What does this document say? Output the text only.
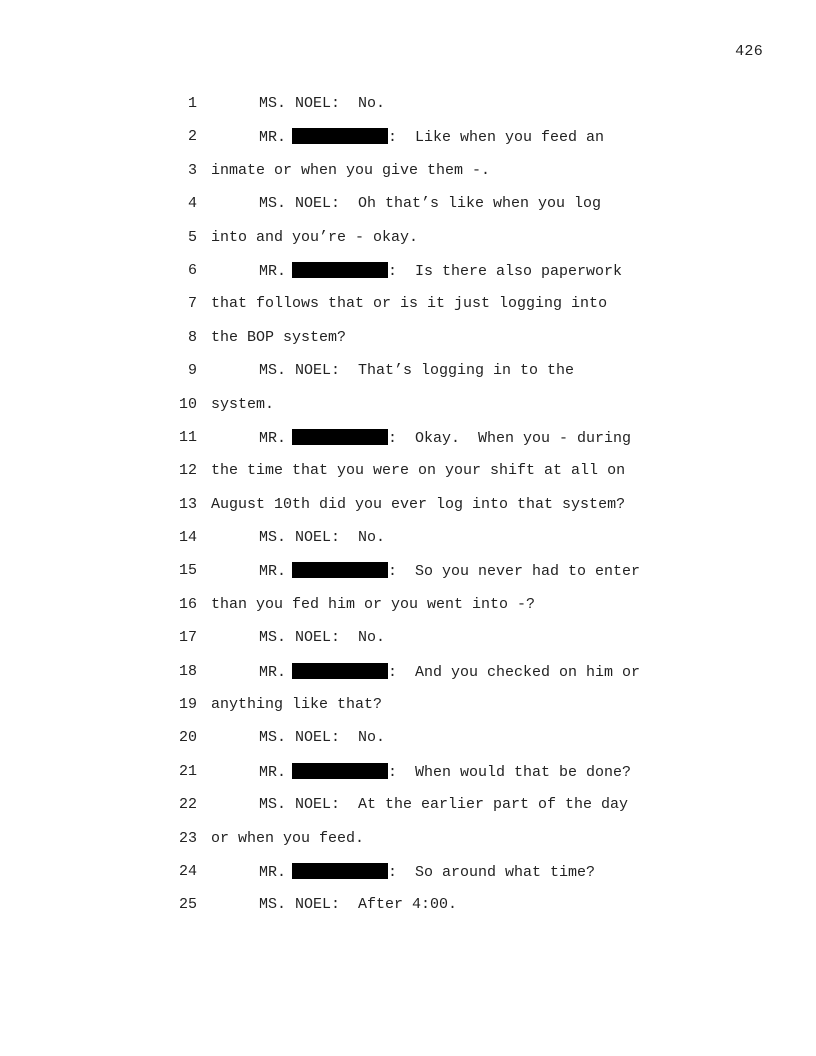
426

1

	MS. NOEL:  No.

2

	MR.	:  Like when you feed an

3

inmate or when you give them -.

4

	MS. NOEL:  Oh that’s like when you log

5

into and you’re - okay.

6

	MR.	:  Is there also paperwork

7

that follows that or is it just logging into

8

the BOP system?

9

	MS. NOEL:  That’s logging in to the

10

system.

11

	MR.	:  Okay.  When you - during

12

the time that you were on your shift at all on

13

August 10th did you ever log into that system?

14

	MS. NOEL:  No.

15

	MR.	:  So you never had to enter

16

than you fed him or you went into -?

17

	MS. NOEL:  No.

18

	MR.	:  And you checked on him or

19

anything like that?

20

	MS. NOEL:  No.

21

	MR.	:  When would that be done?

22

	MS. NOEL:  At the earlier part of the day

23

or when you feed.

24

	MR.	:  So around what time?

25

	MS. NOEL:  After 4:00.
